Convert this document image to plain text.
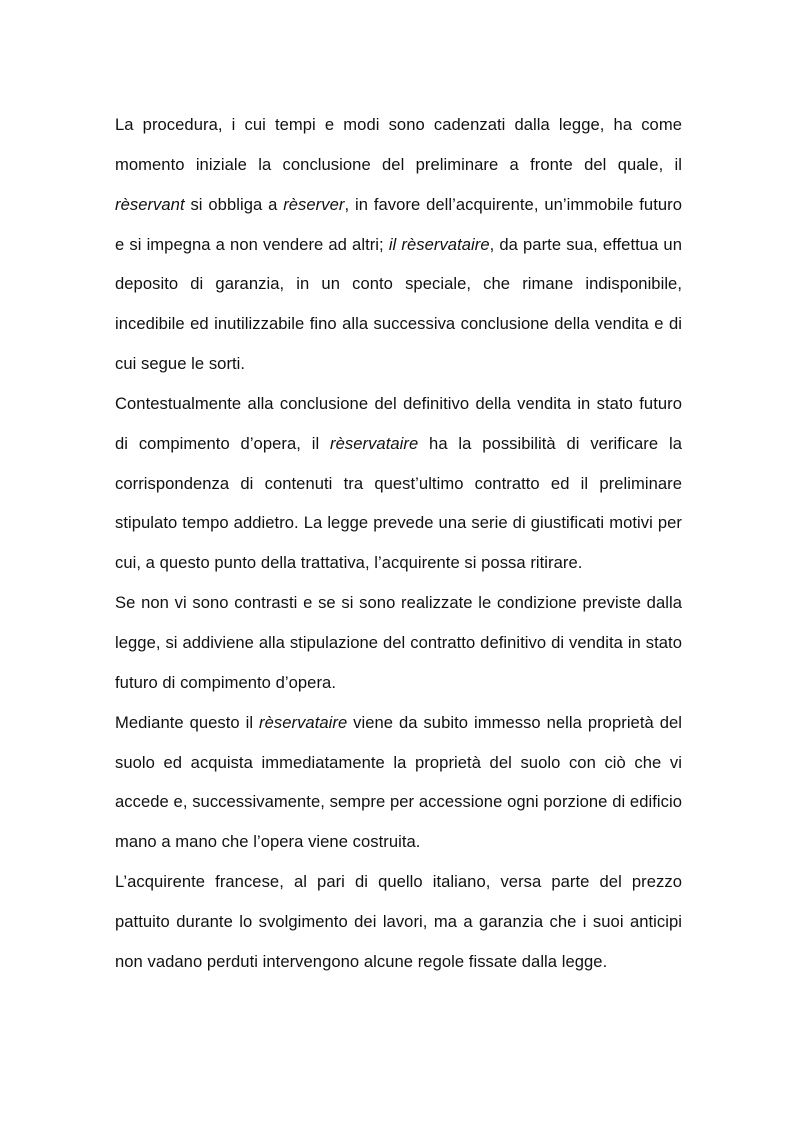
La procedura, i cui tempi e modi sono cadenzati dalla legge, ha come momento iniziale la conclusione del preliminare a fronte del quale, il rèservant si obbliga a rèserver, in favore dell’acquirente, un’immobile futuro e si impegna a non vendere ad altri; il rèservataire, da parte sua, effettua un deposito di garanzia, in un conto speciale, che rimane indisponibile, incedibile ed inutilizzabile fino alla successiva conclusione della vendita e di cui segue le sorti.

Contestualmente alla conclusione del definitivo della vendita in stato futuro di compimento d’opera, il rèservataire ha la possibilità di verificare la corrispondenza di contenuti tra quest’ultimo contratto ed il preliminare stipulato tempo addietro. La legge prevede una serie di giustificati motivi per cui, a questo punto della trattativa, l’acquirente si possa ritirare.

Se non vi sono contrasti e se si sono realizzate le condizione previste dalla legge, si addiviene alla stipulazione del contratto definitivo di vendita in stato futuro di compimento d’opera.

Mediante questo il rèservataire viene da subito immesso nella proprietà del suolo ed acquista immediatamente la proprietà del suolo con ciò che vi accede e, successivamente, sempre per accessione ogni porzione di edificio mano a mano che l’opera viene costruita.

L’acquirente francese, al pari di quello italiano, versa parte del prezzo pattuito durante lo svolgimento dei lavori, ma a garanzia che i suoi anticipi non vadano perduti intervengono alcune regole fissate dalla legge.
